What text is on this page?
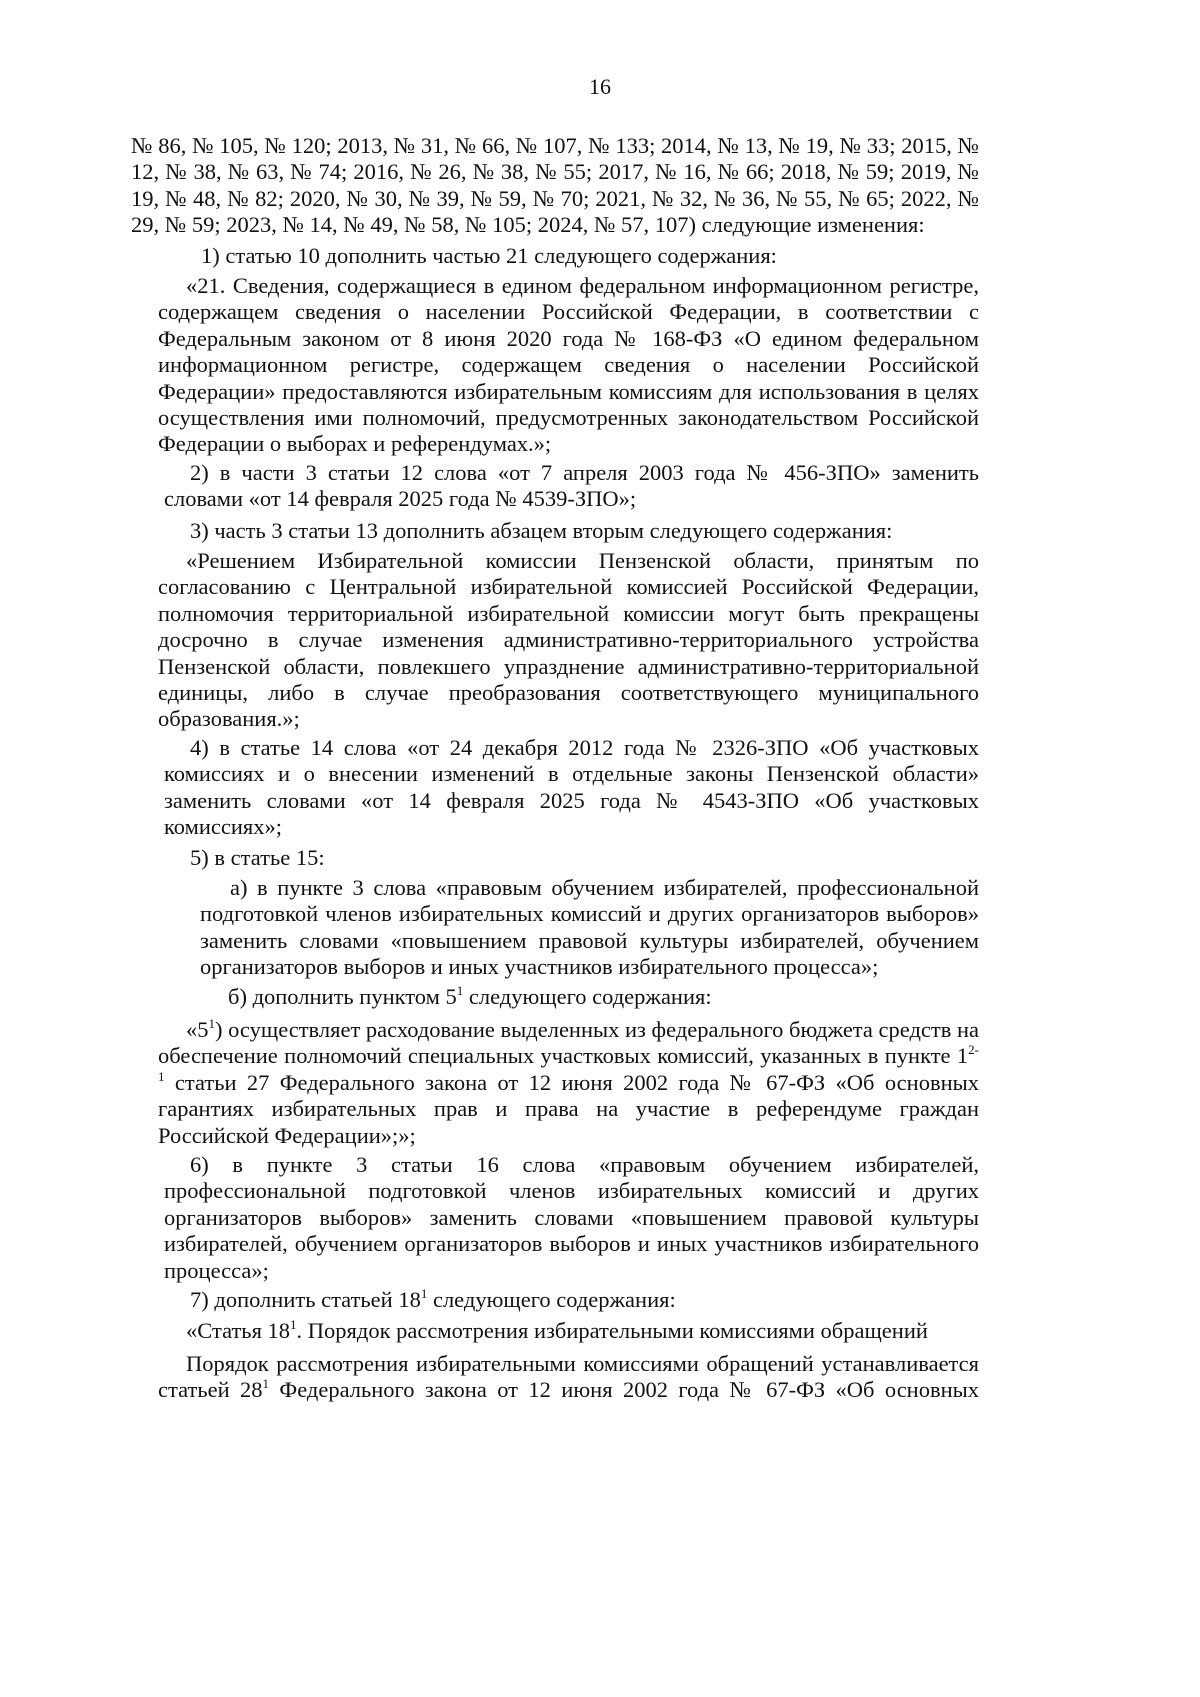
16

№ 86, № 105, № 120; 2013, № 31, № 66, № 107, № 133; 2014, № 13, № 19, № 33; 2015, № 12, № 38, № 63, № 74; 2016, № 26, № 38, № 55; 2017, № 16, № 66; 2018, № 59; 2019, № 19, № 48, № 82; 2020, № 30, № 39, № 59, № 70; 2021, № 32, № 36, № 55, № 65; 2022, № 29, № 59; 2023, № 14, № 49, № 58, № 105; 2024, № 57, 107) следующие изменения:

1) статью 10 дополнить частью 21 следующего содержания:

«21. Сведения, содержащиеся в едином федеральном информационном регистре, содержащем сведения о населении Российской Федерации, в соответствии с Федеральным законом от 8 июня 2020 года № 168-ФЗ «О едином федеральном информационном регистре, содержащем сведения о населении Российской Федерации» предоставляются избирательным комиссиям для использования в целях осуществления ими полномочий, предусмотренных законодательством Российской Федерации о выборах и референдумах.»;

2) в части 3 статьи 12 слова «от 7 апреля 2003 года № 456-ЗПО» заменить словами «от 14 февраля 2025 года № 4539-ЗПО»;

3) часть 3 статьи 13 дополнить абзацем вторым следующего содержания:

«Решением Избирательной комиссии Пензенской области, принятым по согласованию с Центральной избирательной комиссией Российской Федерации, полномочия территориальной избирательной комиссии могут быть прекращены досрочно в случае изменения административно-территориального устройства Пензенской области, повлекшего упразднение административно-территориальной единицы, либо в случае преобразования соответствующего муниципального образования.»;

4) в статье 14 слова «от 24 декабря 2012 года № 2326-ЗПО «Об участковых комиссиях и о внесении изменений в отдельные законы Пензенской области» заменить словами «от 14 февраля 2025 года № 4543-ЗПО «Об участковых комиссиях»;

5) в статье 15:

а) в пункте 3 слова «правовым обучением избирателей, профессиональной подготовкой членов избирательных комиссий и других организаторов выборов» заменить словами «повышением правовой культуры избирателей, обучением организаторов выборов и иных участников избирательного процесса»;

б) дополнить пунктом $5^1$ следующего содержания:

«$5^1$) осуществляет расходование выделенных из федерального бюджета средств на обеспечение полномочий специальных участковых комиссий, указанных в пункте 1$^{2-1}$ статьи 27 Федерального закона от 12 июня 2002 года № 67-ФЗ «Об основных гарантиях избирательных прав и права на участие в референдуме граждан Российской Федерации»;»;

6) в пункте 3 статьи 16 слова «правовым обучением избирателей, профессиональной подготовкой членов избирательных комиссий и других организаторов выборов» заменить словами «повышением правовой культуры избирателей, обучением организаторов выборов и иных участников избирательного процесса»;

7) дополнить статьей $18^1$ следующего содержания:

«Статья $18^1$. Порядок рассмотрения избирательными комиссиями обращений

Порядок рассмотрения избирательными комиссиями обращений устанавливается статьей $28^1$ Федерального закона от 12 июня 2002 года № 67-ФЗ «Об основных
